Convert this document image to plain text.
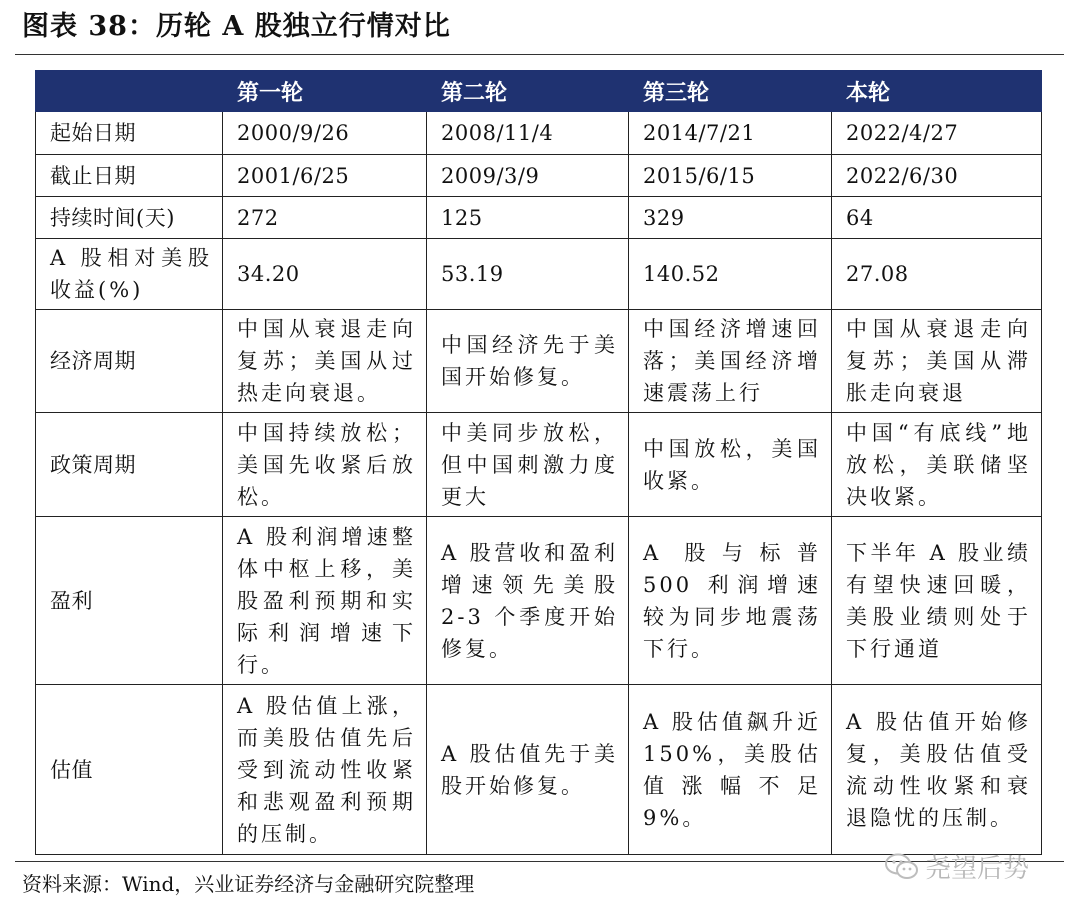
图表 38：历轮 A 股独立行情对比
	第一轮	第二轮	第三轮	本轮
起始日期	2000/9/26	2008/11/4	2014/7/21	2022/4/27
截止日期	2001/6/25	2009/3/9	2015/6/15	2022/6/30
持续时间(天)	272	125	329	64
A 股相对美股收益(%)	34.20	53.19	140.52	27.08
经济周期	中国从衰退走向复苏；美国从过热走向衰退。	中国经济先于美国开始修复。	中国经济增速回落；美国经济增速震荡上行	中国从衰退走向复苏；美国从滞胀走向衰退
政策周期	中国持续放松；美国先收紧后放松。	中美同步放松，但中国刺激力度更大	中国放松，美国收紧。	中国“有底线”地放松，美联储坚决收紧。
盈利	A 股利润增速整体中枢上移，美股盈利预期和实际利润增速下行。	A 股营收和盈利增速领先美股 2-3 个季度开始修复。	A 股与标普 500 利润增速较为同步地震荡下行。	下半年 A 股业绩有望快速回暖，美股业绩则处于下行通道
估值	A 股估值上涨，而美股估值先后受到流动性收紧和悲观盈利预期的压制。	A 股估值先于美股开始修复。	A 股估值飙升近 150%，美股估值涨幅不足 9%。	A 股估值开始修复，美股估值受流动性收紧和衰退隐忧的压制。
资料来源：Wind，兴业证券经济与金融研究院整理	尧望后势
